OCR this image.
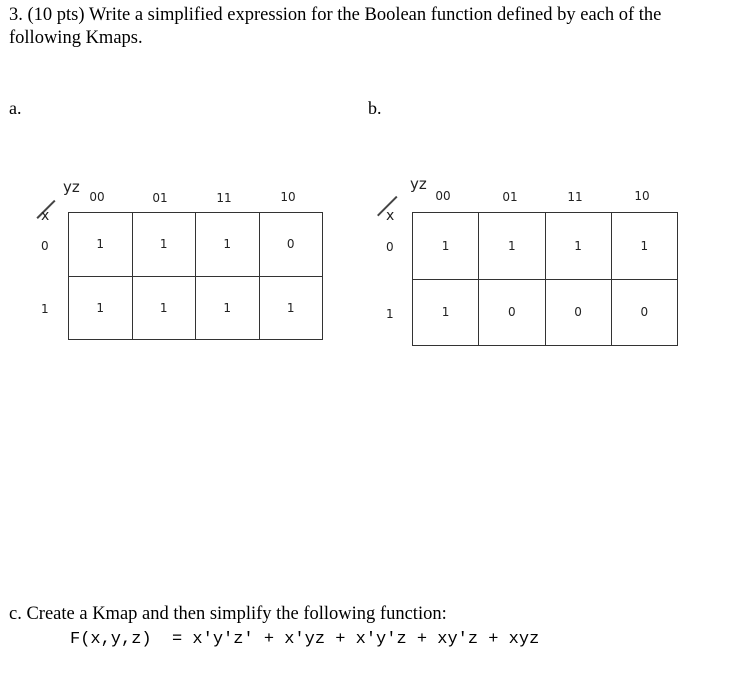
3. (10 pts) Write a simplified expression for the Boolean function defined by each of the following Kmaps.
a.
yz
x
00	01	11	10
0
1
1	1	1	0
1	1	1	1
b.
yz
x
00	01	11	10
0
1
1	1	1	1
1	0	0	0
c. Create a Kmap and then simplify the following function:
F(x,y,z)  = x'y'z' + x'yz + x'y'z + xy'z + xyz
